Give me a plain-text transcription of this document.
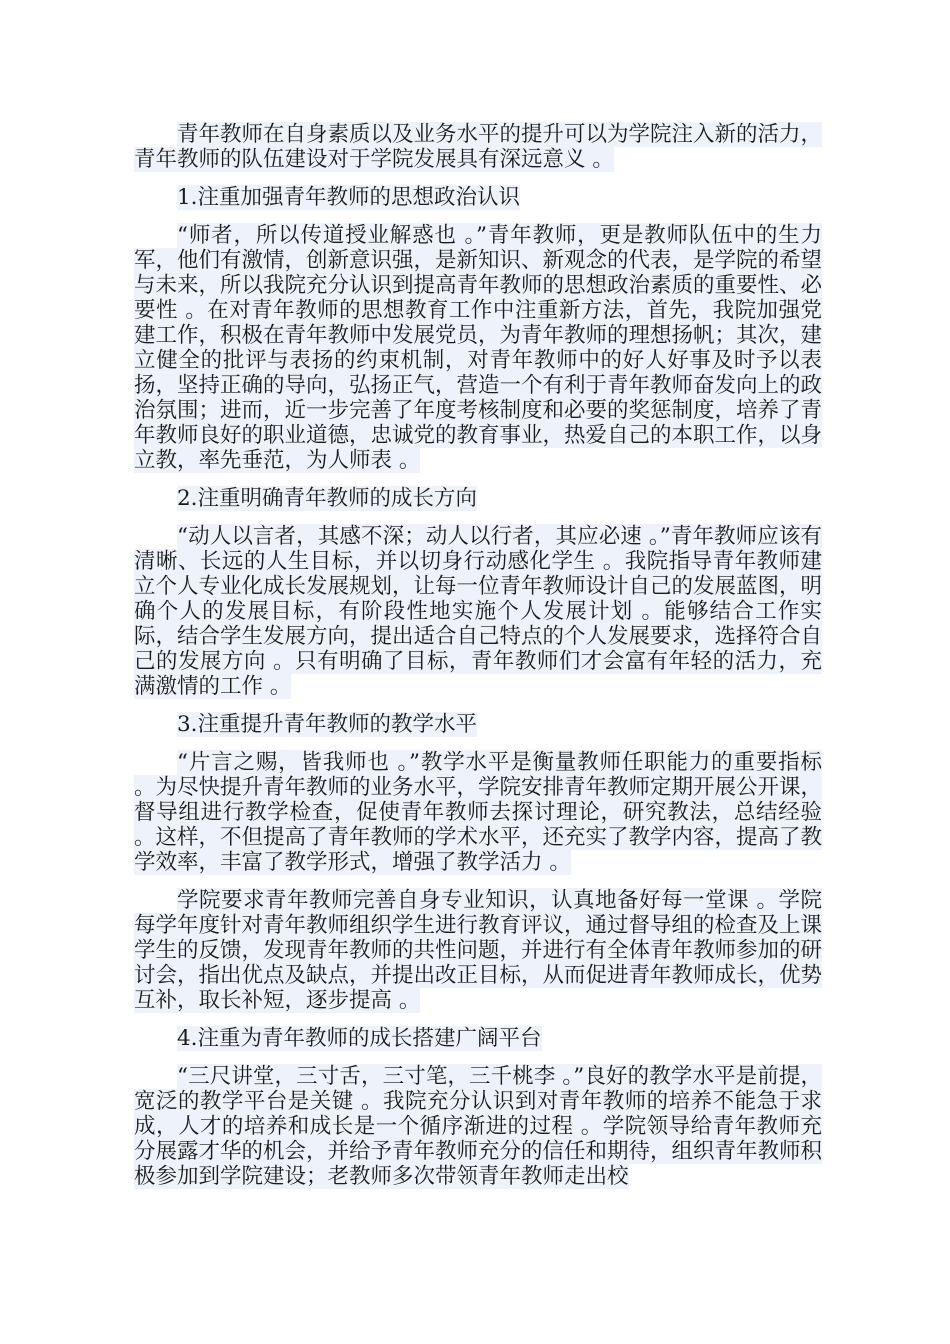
青年教师在自身素质以及业务水平的提升可以为学院注入新的活力，青年教师的队伍建设对于学院发展具有深远意义 。

1.注重加强青年教师的思想政治认识

“师者，所以传道授业解惑也 。”青年教师，更是教师队伍中的生力军，他们有激情，创新意识强，是新知识、新观念的代表，是学院的希望与未来，所以我院充分认识到提高青年教师的思想政治素质的重要性、必要性 。在对青年教师的思想教育工作中注重新方法，首先，我院加强党建工作，积极在青年教师中发展党员，为青年教师的理想扬帆；其次，建立健全的批评与表扬的约束机制，对青年教师中的好人好事及时予以表扬，坚持正确的导向，弘扬正气，营造一个有利于青年教师奋发向上的政治氛围；进而，近一步完善了年度考核制度和必要的奖惩制度，培养了青年教师良好的职业道德，忠诚党的教育事业，热爱自己的本职工作，以身立教，率先垂范，为人师表 。

2.注重明确青年教师的成长方向

“动人以言者，其感不深；动人以行者，其应必速 。”青年教师应该有清晰、长远的人生目标，并以切身行动感化学生 。我院指导青年教师建立个人专业化成长发展规划，让每一位青年教师设计自己的发展蓝图，明确个人的发展目标，有阶段性地实施个人发展计划 。能够结合工作实际，结合学生发展方向，提出适合自己特点的个人发展要求，选择符合自己的发展方向 。只有明确了目标，青年教师们才会富有年轻的活力，充满激情的工作 。

3.注重提升青年教师的教学水平

“片言之赐，皆我师也 。”教学水平是衡量教师任职能力的重要指标 。为尽快提升青年教师的业务水平，学院安排青年教师定期开展公开课，督导组进行教学检查，促使青年教师去探讨理论，研究教法，总结经验 。这样，不但提高了青年教师的学术水平，还充实了教学内容，提高了教学效率，丰富了教学形式，增强了教学活力 。

学院要求青年教师完善自身专业知识，认真地备好每一堂课 。学院每学年度针对青年教师组织学生进行教育评议，通过督导组的检查及上课学生的反馈，发现青年教师的共性问题，并进行有全体青年教师参加的研讨会，指出优点及缺点，并提出改正目标，从而促进青年教师成长，优势互补，取长补短，逐步提高 。

4.注重为青年教师的成长搭建广阔平台

“三尺讲堂，三寸舌，三寸笔，三千桃李 。”良好的教学水平是前提，宽泛的教学平台是关键 。我院充分认识到对青年教师的培养不能急于求成，人才的培养和成长是一个循序渐进的过程 。学院领导给青年教师充分展露才华的机会，并给予青年教师充分的信任和期待，组织青年教师积极参加到学院建设；老教师多次带领青年教师走出校
